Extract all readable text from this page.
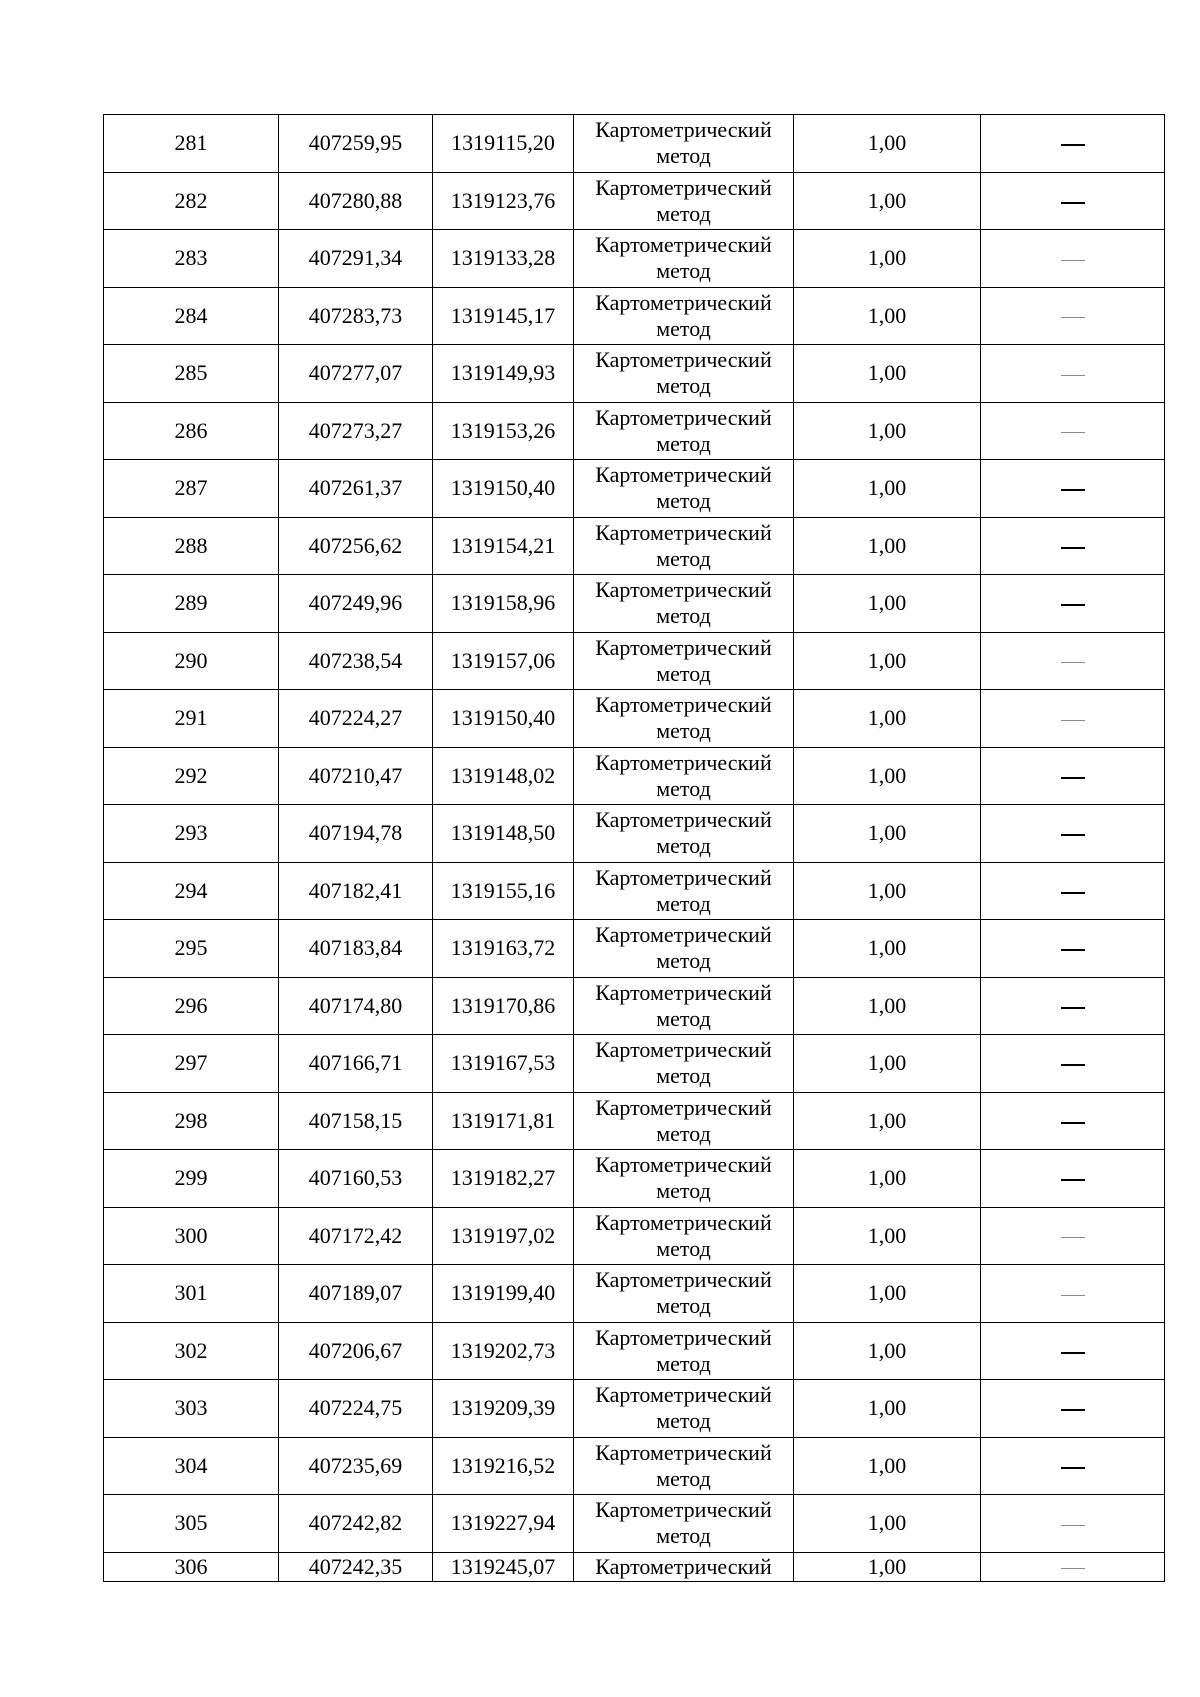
281	407259,95	1319115,20	Картометрический метод	1,00	

282	407280,88	1319123,76	Картометрический метод	1,00	

283	407291,34	1319133,28	Картометрический метод	1,00	

284	407283,73	1319145,17	Картометрический метод	1,00	

285	407277,07	1319149,93	Картометрический метод	1,00	

286	407273,27	1319153,26	Картометрический метод	1,00	

287	407261,37	1319150,40	Картометрический метод	1,00	

288	407256,62	1319154,21	Картометрический метод	1,00	

289	407249,96	1319158,96	Картометрический метод	1,00	

290	407238,54	1319157,06	Картометрический метод	1,00	

291	407224,27	1319150,40	Картометрический метод	1,00	

292	407210,47	1319148,02	Картометрический метод	1,00	

293	407194,78	1319148,50	Картометрический метод	1,00	

294	407182,41	1319155,16	Картометрический метод	1,00	

295	407183,84	1319163,72	Картометрический метод	1,00	

296	407174,80	1319170,86	Картометрический метод	1,00	

297	407166,71	1319167,53	Картометрический метод	1,00	

298	407158,15	1319171,81	Картометрический метод	1,00	

299	407160,53	1319182,27	Картометрический метод	1,00	

300	407172,42	1319197,02	Картометрический метод	1,00	

301	407189,07	1319199,40	Картометрический метод	1,00	

302	407206,67	1319202,73	Картометрический метод	1,00	

303	407224,75	1319209,39	Картометрический метод	1,00	

304	407235,69	1319216,52	Картометрический метод	1,00	

305	407242,82	1319227,94	Картометрический метод	1,00	

306	407242,35	1319245,07	Картометрический	1,00	
